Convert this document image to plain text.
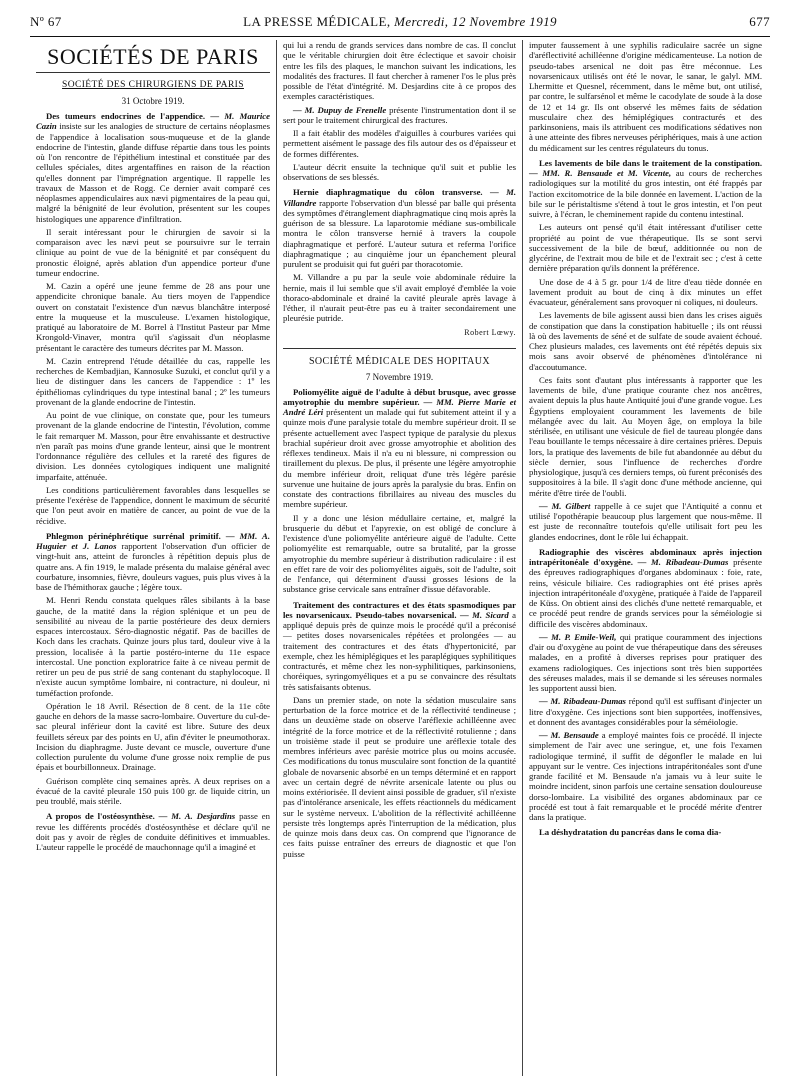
Nº 67	LA PRESSE MÉDICALE, Mercredi, 12 Novembre 1919	677
SOCIÉTÉS DE PARIS
SOCIÉTÉ DES CHIRURGIENS DE PARIS
31 Octobre 1919.

Des tumeurs endocrines de l'appendice. — M. Maurice Cazin insiste sur les analogies de structure de certains néoplasmes de l'appendice à localisation sous-muqueuse et de la glande endocrine de l'intestin, glande diffuse répartie dans tous les points où l'on rencontre de l'épithélium intestinal et constituée par des cellules spéciales, dites argentaffines en raison de la réaction qu'elles donnent par l'imprégnation argentique. Il rappelle les travaux de Masson et de Rogg. Ce dernier avait comparé ces néoplasmes appendiculaires aux nævi pigmentaires de la peau qui, malgré la bénignité de leur évolution, présentent sur les coupes histologiques une apparence d'infiltration.

Il serait intéressant pour le chirurgien de savoir si la comparaison avec les nævi peut se poursuivre sur le terrain clinique au point de vue de la bénignité et par conséquent du pronostic éloigné, après ablation d'un appendice porteur d'une tumeur endocrine.

M. Cazin a opéré une jeune femme de 28 ans pour une appendicite chronique banale. Au tiers moyen de l'appendice ouvert on constatait l'existence d'un nævus blanchâtre interposé entre la muqueuse et la musculeuse. L'examen histologique, pratiqué au laboratoire de M. Borrel à l'Institut Pasteur par Mme Krongold-Vinaver, montra qu'il s'agissait d'un néoplasme présentant le caractère des tumeurs décrites par M. Masson.

M. Cazin entreprend l'étude détaillée du cas, rappelle les recherches de Kembadjian, Kannosuke Suzuki, et conclut qu'il y a lieu de distinguer dans les cancers de l'appendice : 1º les épithéliomas cylindriques du type intestinal banal ; 2º les tumeurs provenant de la glande endocrine de l'intestin.

Au point de vue clinique, on constate que, pour les tumeurs provenant de la glande endocrine de l'intestin, l'évolution, comme le fait remarquer M. Masson, pour être envahissante et destructive n'en paraît pas moins d'une grande lenteur, ainsi que le montrent l'ordonnance régulière des cellules et la rareté des figures de division. Les données cytologiques indiquent une malignité imparfaite, atténuée.

Les conditions particulièrement favorables dans lesquelles se présente l'exérèse de l'appendice, donnent le maximum de sécurité que l'on peut avoir en matière de cancer, au point de vue de la récidive.

Phlegmon périnéphrétique surrénal primitif. — MM. A. Huguier et J. Lanos rapportent l'observation d'un officier de vingt-huit ans, atteint de furoncles à répétition depuis plus de quatre ans. A fin 1919, le malade présenta du malaise général avec courbature, insomnies, fièvre, douleurs vagues, puis plus vives à la base de l'hémithorax gauche ; légère toux.

M. Henri Rendu constata quelques râles sibilants à la base gauche, de la matité dans la région splénique et un peu de sensibilité au niveau de la partie postérieure des deux derniers espaces intercostaux. Séro-diagnostic négatif. Pas de bacilles de Koch dans les crachats. Quinze jours plus tard, douleur vive à la pression, localisée à la partie postéro-interne du 11e espace intercostal. Une ponction exploratrice faite à ce niveau permit de retirer un peu de pus strié de sang contenant du staphylocoque. Il n'existe aucun symptôme lombaire, ni contracture, ni douleur, ni tuméfaction profonde.

Opération le 18 Avril. Résection de 8 cent. de la 11e côte gauche en dehors de la masse sacro-lombaire. Ouverture du cul-de-sac pleural inférieur dont la cavité est libre. Suture des deux feuillets séreux par des points en U, afin d'éviter le pneumothorax. Incision du diaphragme. Juste devant ce muscle, ouverture d'une collection purulente du volume d'une grosse noix remplie de pus épais et bourbillonneux. Drainage.

Guérison complète cinq semaines après. A deux reprises on a évacué de la cavité pleurale 150 puis 100 gr. de liquide citrin, un peu troublé, mais stérile.

A propos de l'ostéosynthèse. — M. A. Desjardins passe en revue les différents procédés d'ostéosynthèse et déclare qu'il ne doit pas y avoir de règles de conduite définitives et immuables. L'auteur rappelle le procédé de mauchonnage qu'il a imaginé et

qui lui a rendu de grands services dans nombre de cas. Il conclut que le véritable chirurgien doit être éclectique et savoir choisir entre les fils des plaques, le manchon suivant les indications, les modalités des fractures. Il faut chercher à ramener l'os le plus près possible de l'état d'intégrité. M. Desjardins cite à ce propos des exemples caractéristiques.

— M. Dupuy de Frenelle présente l'instrumentation dont il se sert pour le traitement chirurgical des fractures.

Il a fait établir des modèles d'aiguilles à courbures variées qui permettent aisément le passage des fils autour des os d'épaisseur et de formes différentes.

L'auteur décrit ensuite la technique qu'il suit et publie les observations de ses blessés.

Hernie diaphragmatique du côlon transverse. — M. Villandre rapporte l'observation d'un blessé par balle qui présenta des symptômes d'étranglement diaphragmatique cinq mois après la guérison de sa blessure. La laparotomie médiane sus-ombilicale montra le côlon transverse hernié à travers la coupole diaphragmatique et perforé. L'auteur sutura et referma l'orifice diaphragmatique ; au cinquième jour un épanchement pleural purulent se produisit qui fut guéri par thoracotomie.

M. Villandre a pu par la seule voie abdominale réduire la hernie, mais il lui semble que s'il avait employé d'emblée la voie thoraco-abdominale et drainé la cavité pleurale après lavage à l'éther, il n'aurait peut-être pas eu à traiter secondairement une pleurésie putride.

Robert Lœwy.
SOCIÉTÉ MÉDICALE DES HOPITAUX
7 Novembre 1919.

Poliomyélite aiguë de l'adulte à début brusque, avec grosse amyotrophie du membre supérieur. — MM. Pierre Marie et André Léri présentent un malade qui fut subitement atteint il y a quinze mois d'une paralysie totale du membre supérieur droit. Il se présente actuellement avec l'aspect typique de paralysie du plexus brachial supérieur droit avec grosse amyotrophie et abolition des réflexes tendineux. Mais il n'a eu ni blessure, ni compression ou tiraillement du plexus. De plus, il présente une légère amyotrophie du membre inférieur droit, reliquat d'une très légère parésie survenue une huitaine de jours après la paralysie du bras. Enfin on constate des contractions fibrillaires au niveau des muscles du membre supérieur.

Il y a donc une lésion médullaire certaine, et, malgré la brusquerie du début et l'apyrexie, on est obligé de conclure à l'existence d'une poliomyélite antérieure aiguë de l'adulte. Cette poliomyélite est remarquable, outre sa brutalité, par la grosse amyotrophie du membre supérieur à distribution radiculaire : il est en effet rare de voir des poliomyélites aiguës, soit de l'adulte, soit de l'enfance, qui déterminent d'aussi grosses lésions de la substance grise cervicale sans entraîner d'issue défavorable.

Traitement des contractures et des états spasmodiques par les novarsenicaux. Pseudo-tabes novarsenical. — M. Sicard a appliqué depuis près de quinze mois le procédé qu'il a préconisé — petites doses novarsenicales répétées et prolongées — au traitement des contractures et des états d'hypertonicité, par exemple, chez les hémiplégiques et les paraplégiques syphilitiques contracturés, et même chez les non-syphilitiques, parkinsoniens, choréiques, syringomyéliques et a pu se convaincre des résultats très satisfaisants obtenus.

Dans un premier stade, on note la sédation musculaire sans perturbation de la force motrice et de la réflectivité tendineuse ; dans un deuxième stade on observe l'aréflexie achilléenne avec intégrité de la force motrice et de la réflectivité rotulienne ; dans un troisième stade il peut se produire une aréflexie totale des membres inférieurs avec parésie motrice plus ou moins accusée. Ces modifications du tonus musculaire sont fonction de la quantité globale de novarsenic absorbé en un temps déterminé et en rapport avec un certain degré de névrite arsenicale latente ou plus ou moins extériorisée. Il devient ainsi possible de graduer, s'il n'existe pas d'intolérance arsenicale, les effets réactionnels du médicament sur le système nerveux. L'abolition de la réflectivité achilléenne persiste très longtemps après l'interruption de la médication, plus de quinze mois dans deux cas. On comprend que l'ignorance de ces faits puisse entraîner des erreurs de diagnostic et que l'on puisse

imputer faussement à une syphilis radiculaire sacrée un signe d'aréflectivité achilléenne d'origine médicamenteuse. La notion de pseudo-tabes arsenical ne doit pas être méconnue. Les novarsenicaux utilisés ont été le novar, le sanar, le galyl. MM. Lhermitte et Quesnel, récemment, dans le même but, ont utilisé, par contre, le sulfarsénol et même le cacodylate de soude à la dose de 12 et 14 gr. Ils ont observé les mêmes faits de sédation musculaire chez des hémiplégiques contracturés et des parkinsoniens, mais ils attribuent ces modifications sédatives non à une atteinte des fibres nerveuses périphériques, mais à une action du médicament sur les centres régulateurs du tonus.

Les lavements de bile dans le traitement de la constipation. — MM. R. Bensaude et M. Vicente, au cours de recherches radiologiques sur la motilité du gros intestin, ont été frappés par l'action excitomotrice de la bile donnée en lavement. L'action de la bile sur le péristaltisme s'étend à tout le gros intestin, et l'on peut suivre, à l'écran, le cheminement rapide du contenu intestinal.

Les auteurs ont pensé qu'il était intéressant d'utiliser cette propriété au point de vue thérapeutique. Ils se sont servi successivement de la bile de bœuf, additionnée ou non de glycérine, de l'extrait mou de bile et de l'extrait sec ; c'est à cette dernière préparation qu'ils donnent la préférence.

Une dose de 4 à 5 gr. pour 1/4 de litre d'eau tiède donnée en lavement produit au bout de cinq à dix minutes un effet évacuateur, généralement sans provoquer ni coliques, ni douleurs.

Les lavements de bile agissent aussi bien dans les crises aiguës de constipation que dans la constipation habituelle ; ils ont réussi là où des lavements de séné et de sulfate de soude avaient échoué. Chez plusieurs malades, ces lavements ont été répétés depuis six mois sans avoir observé de phénomènes d'intolérance ni d'accoutumance.

Ces faits sont d'autant plus intéressants à rapporter que les lavements de bile, d'une pratique courante chez nos ancêtres, avaient depuis la plus haute Antiquité joui d'une grande vogue. Les Égyptiens employaient couramment les lavements de bile mélangée avec du lait. Au Moyen âge, on employa la bile stérilisée, en utilisant une vésicule de fiel de taureau plongée dans l'eau bouillante le temps nécessaire à dire certaines prières. Depuis lors, la pratique des lavements de bile fut abandonnée au début du siècle dernier, sous l'influence de recherches d'ordre physiologique, jusqu'à ces derniers temps, où furent préconisés des suppositoires à la bile. Il s'agit donc d'une méthode ancienne, qui mérite d'être tirée de l'oubli.

— M. Gilbert rappelle à ce sujet que l'Antiquité a connu et utilisé l'opothérapie beaucoup plus largement que nous-même. Il est juste de reconnaître toutefois qu'elle utilisait fort peu les glandes endocrines, dont le rôle lui échappait.

Radiographie des viscères abdominaux après injection intrapéritonéale d'oxygène. — M. Ribadeau-Dumas présente des épreuves radiographiques d'organes abdominaux : foie, rate, reins, vésicule biliaire. Ces radiographies ont été prises après injection intrapéritonéale d'oxygène, pratiquée à l'aide de l'appareil de Küss. On obtient ainsi des clichés d'une netteté remarquable, et ce procédé peut rendre de grands services pour la séméiologie si difficile des viscères abdominaux.

— M. P. Emile-Weil, qui pratique couramment des injections d'air ou d'oxygène au point de vue thérapeutique dans des séreuses malades, en a profité à diverses reprises pour pratiquer des examens radiologiques. Ces injections sont très bien supportées des séreuses malades, mais il se demande si les séreuses normales les supportent aussi bien.

— M. Ribadeau-Dumas répond qu'il est suffisant d'injecter un litre d'oxygène. Ces injections sont bien supportées, inoffensives, et donnent des avantages considérables pour la séméiologie.

— M. Bensaude a employé maintes fois ce procédé. Il injecte simplement de l'air avec une seringue, et, une fois l'examen radiologique terminé, il suffit de dégonfler le malade en lui appuyant sur le ventre. Ces injections intrapéritonéales sont d'une grande facilité et M. Bensaude n'a jamais vu à leur suite le moindre incident, sinon parfois une certaine sensation douloureuse dorso-lombaire. La visibilité des organes abdominaux par ce procédé est tout à fait remarquable et le procédé mérite d'entrer dans la pratique.

La déshydratation du pancréas dans le coma dia-
